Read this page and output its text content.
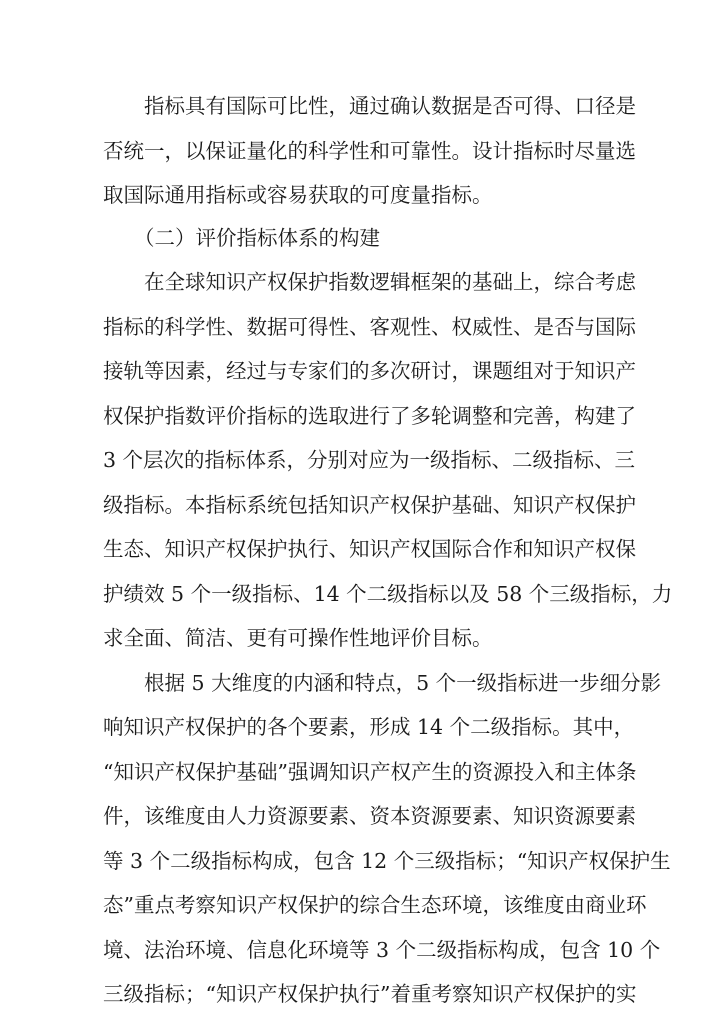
指标具有国际可比性，通过确认数据是否可得、口径是
否统一，以保证量化的科学性和可靠性。设计指标时尽量选
取国际通用指标或容易获取的可度量指标。
（二）评价指标体系的构建
在全球知识产权保护指数逻辑框架的基础上，综合考虑
指标的科学性、数据可得性、客观性、权威性、是否与国际
接轨等因素，经过与专家们的多次研讨，课题组对于知识产
权保护指数评价指标的选取进行了多轮调整和完善，构建了
3 个层次的指标体系，分别对应为一级指标、二级指标、三
级指标。本指标系统包括知识产权保护基础、知识产权保护
生态、知识产权保护执行、知识产权国际合作和知识产权保
护绩效 5 个一级指标、14 个二级指标以及 58 个三级指标，力
求全面、简洁、更有可操作性地评价目标。
根据 5 大维度的内涵和特点，5 个一级指标进一步细分影
响知识产权保护的各个要素，形成 14 个二级指标。其中，
“知识产权保护基础”强调知识产权产生的资源投入和主体条
件，该维度由人力资源要素、资本资源要素、知识资源要素
等 3 个二级指标构成，包含 12 个三级指标；“知识产权保护生
态”重点考察知识产权保护的综合生态环境，该维度由商业环
境、法治环境、信息化环境等 3 个二级指标构成，包含 10 个
三级指标；“知识产权保护执行”着重考察知识产权保护的实
